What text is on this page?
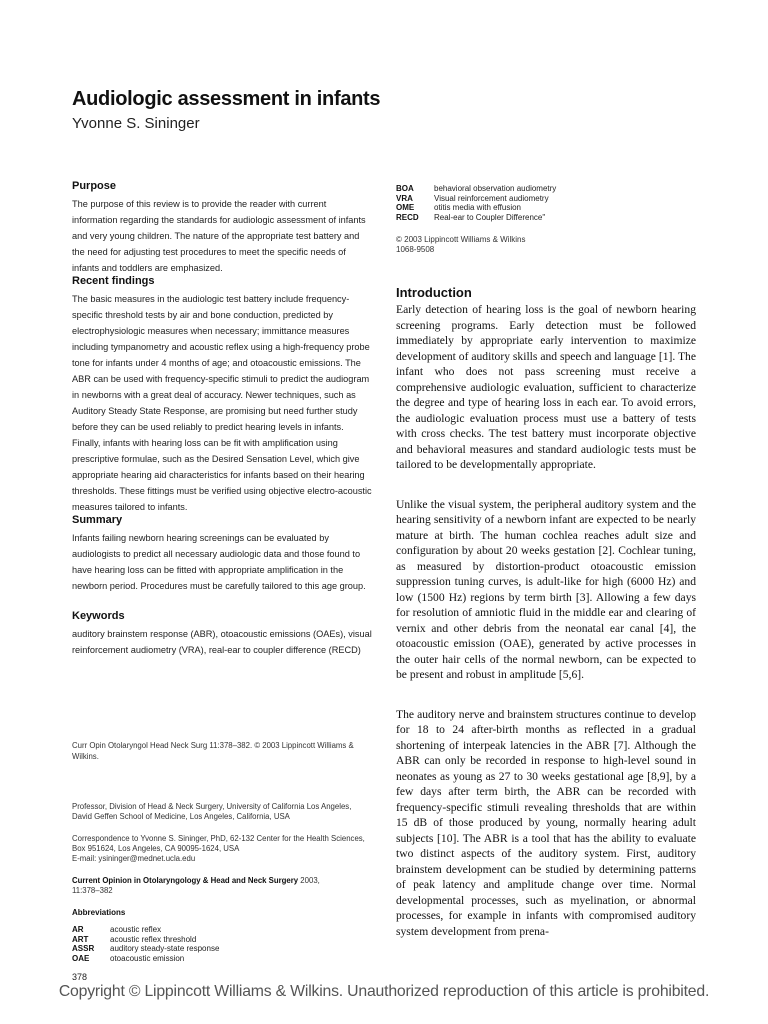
Audiologic assessment in infants
Yvonne S. Sininger
Purpose

The purpose of this review is to provide the reader with current information regarding the standards for audiologic assessment of infants and very young children. The nature of the appropriate test battery and the need for adjusting test procedures to meet the specific needs of infants and toddlers are emphasized.

Recent findings

The basic measures in the audiologic test battery include frequency-specific threshold tests by air and bone conduction, predicted by electrophysiologic measures when necessary; immittance measures including tympanometry and acoustic reflex using a high-frequency probe tone for infants under 4 months of age; and otoacoustic emissions. The ABR can be used with frequency-specific stimuli to predict the audiogram in newborns with a great deal of accuracy. Newer techniques, such as Auditory Steady State Response, are promising but need further study before they can be used reliably to predict hearing levels in infants. Finally, infants with hearing loss can be fit with amplification using prescriptive formulae, such as the Desired Sensation Level, which give appropriate hearing aid characteristics for infants based on their hearing thresholds. These fittings must be verified using objective electro-acoustic measures tailored to infants.

Summary

Infants failing newborn hearing screenings can be evaluated by audiologists to predict all necessary audiologic data and those found to have hearing loss can be fitted with appropriate amplification in the newborn period. Procedures must be carefully tailored to this age group.

Keywords

auditory brainstem response (ABR), otoacoustic emissions (OAEs), visual reinforcement audiometry (VRA), real-ear to coupler difference (RECD)

Curr Opin Otolaryngol Head Neck Surg 11:378–382. © 2003 Lippincott Williams & Wilkins.
Professor, Division of Head & Neck Surgery, University of California Los Angeles, David Geffen School of Medicine, Los Angeles, California, USA
Correspondence to Yvonne S. Sininger, PhD, 62-132 Center for the Health Sciences, Box 951624, Los Angeles, CA 90095-1624, USA
E-mail: ysininger@mednet.ucla.edu
Current Opinion in Otolaryngology & Head and Neck Surgery 2003,
11:378–382
Abbreviations
AR	acoustic reflex
ART	acoustic reflex threshold
ASSR	auditory steady-state response
OAE	otoacoustic emission
378
BOA	behavioral observation audiometry
VRA	Visual reinforcement audiometry
OME	otitis media with effusion
RECD	Real-ear to Coupler Difference"
© 2003 Lippincott Williams & Wilkins
1068-9508
Introduction

Early detection of hearing loss is the goal of newborn hearing screening programs. Early detection must be followed immediately by appropriate early intervention to maximize development of auditory skills and speech and language [1]. The infant who does not pass screening must receive a comprehensive audiologic evaluation, sufficient to characterize the degree and type of hearing loss in each ear. To avoid errors, the audiologic evaluation process must use a battery of tests with cross checks. The test battery must incorporate objective and behavioral measures and standard audiologic tests must be tailored to be developmentally appropriate.

Unlike the visual system, the peripheral auditory system and the hearing sensitivity of a newborn infant are expected to be nearly mature at birth. The human cochlea reaches adult size and configuration by about 20 weeks gestation [2]. Cochlear tuning, as measured by distortion-product otoacoustic emission suppression tuning curves, is adult-like for high (6000 Hz) and low (1500 Hz) regions by term birth [3]. Allowing a few days for resolution of amniotic fluid in the middle ear and clearing of vernix and other debris from the neonatal ear canal [4], the otoacoustic emission (OAE), generated by active processes in the outer hair cells of the normal newborn, can be expected to be present and robust in amplitude [5,6].

The auditory nerve and brainstem structures continue to develop for 18 to 24 after-birth months as reflected in a gradual shortening of interpeak latencies in the ABR [7]. Although the ABR can only be recorded in response to high-level sound in neonates as young as 27 to 30 weeks gestational age [8,9], by a few days after term birth, the ABR can be recorded with frequency-specific stimuli revealing thresholds that are within 15 dB of those produced by young, normally hearing adult subjects [10]. The ABR is a tool that has the ability to evaluate two distinct aspects of the auditory system. First, auditory brainstem development can be studied by determining patterns of peak latency and amplitude change over time. Normal developmental processes, such as myelination, or abnormal processes, for example in infants with compromised auditory system development from prena-

Copyright © Lippincott Williams & Wilkins. Unauthorized reproduction of this article is prohibited.
